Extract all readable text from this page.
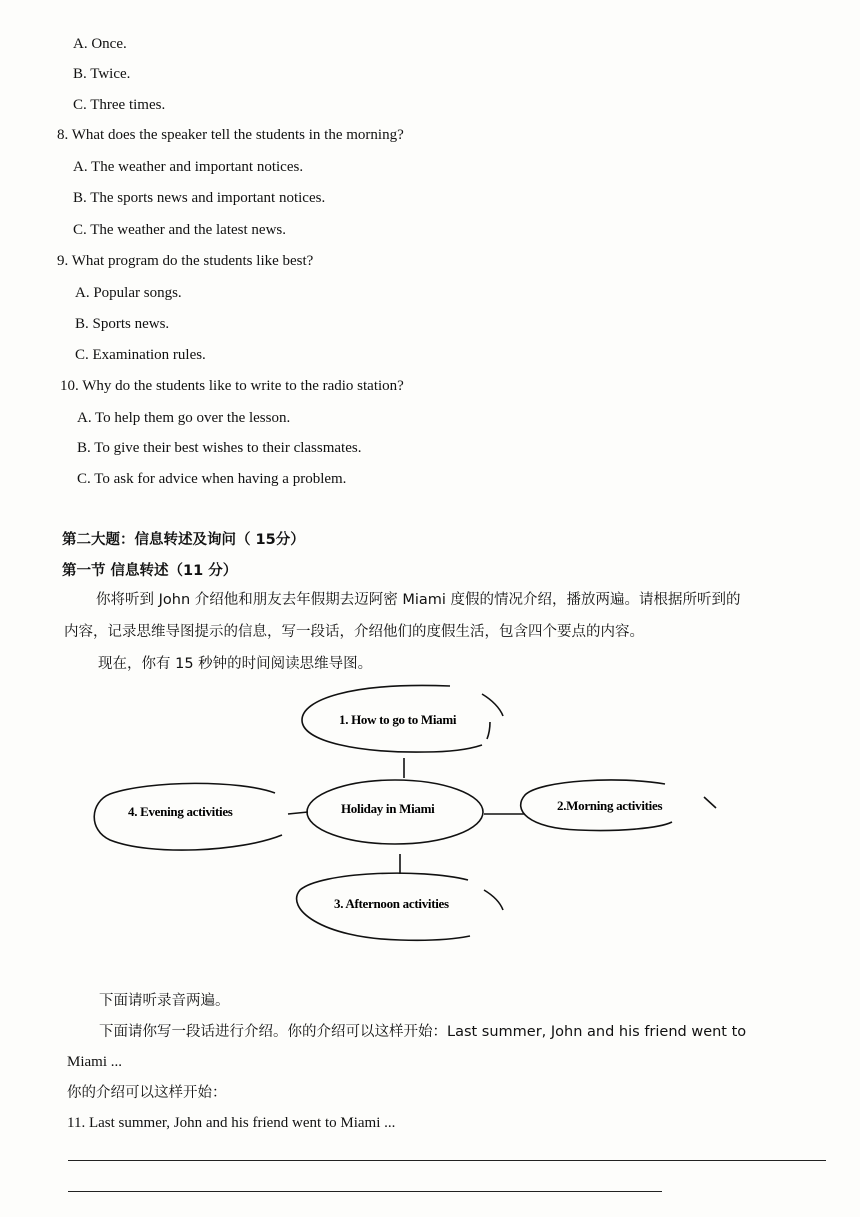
A. Once.
B. Twice.
C. Three times.
8. What does the speaker tell the students in the morning?
A. The weather and important notices.
B. The sports news and important notices.
C. The weather and the latest news.
9. What program do the students like best?
A. Popular songs.
B. Sports news.
C. Examination rules.
10. Why do the students like to write to the radio station?
A. To help them go over the lesson.
B. To give their best wishes to their classmates.
C. To ask for advice when having a problem.
第二大题：信息转述及询问（ 15分）
第一节 信息转述（11 分）
你将听到 John 介绍他和朋友去年假期去迈阿密 Miami 度假的情况介绍，播放两遍。请根据所听到的
内容，记录思维导图提示的信息，写一段话，介绍他们的度假生活，包含四个要点的内容。
现在，你有 15 秒钟的时间阅读思维导图。
1. How to go to Miami
Holiday in Miami	2.Morning activities
3. Afternoon activities
4. Evening activities
下面请听录音两遍。
下面请你写一段话进行介绍。你的介绍可以这样开始：Last summer, John and his friend went to
Miami ...
你的介绍可以这样开始：
11. Last summer, John and his friend went to Miami ...
